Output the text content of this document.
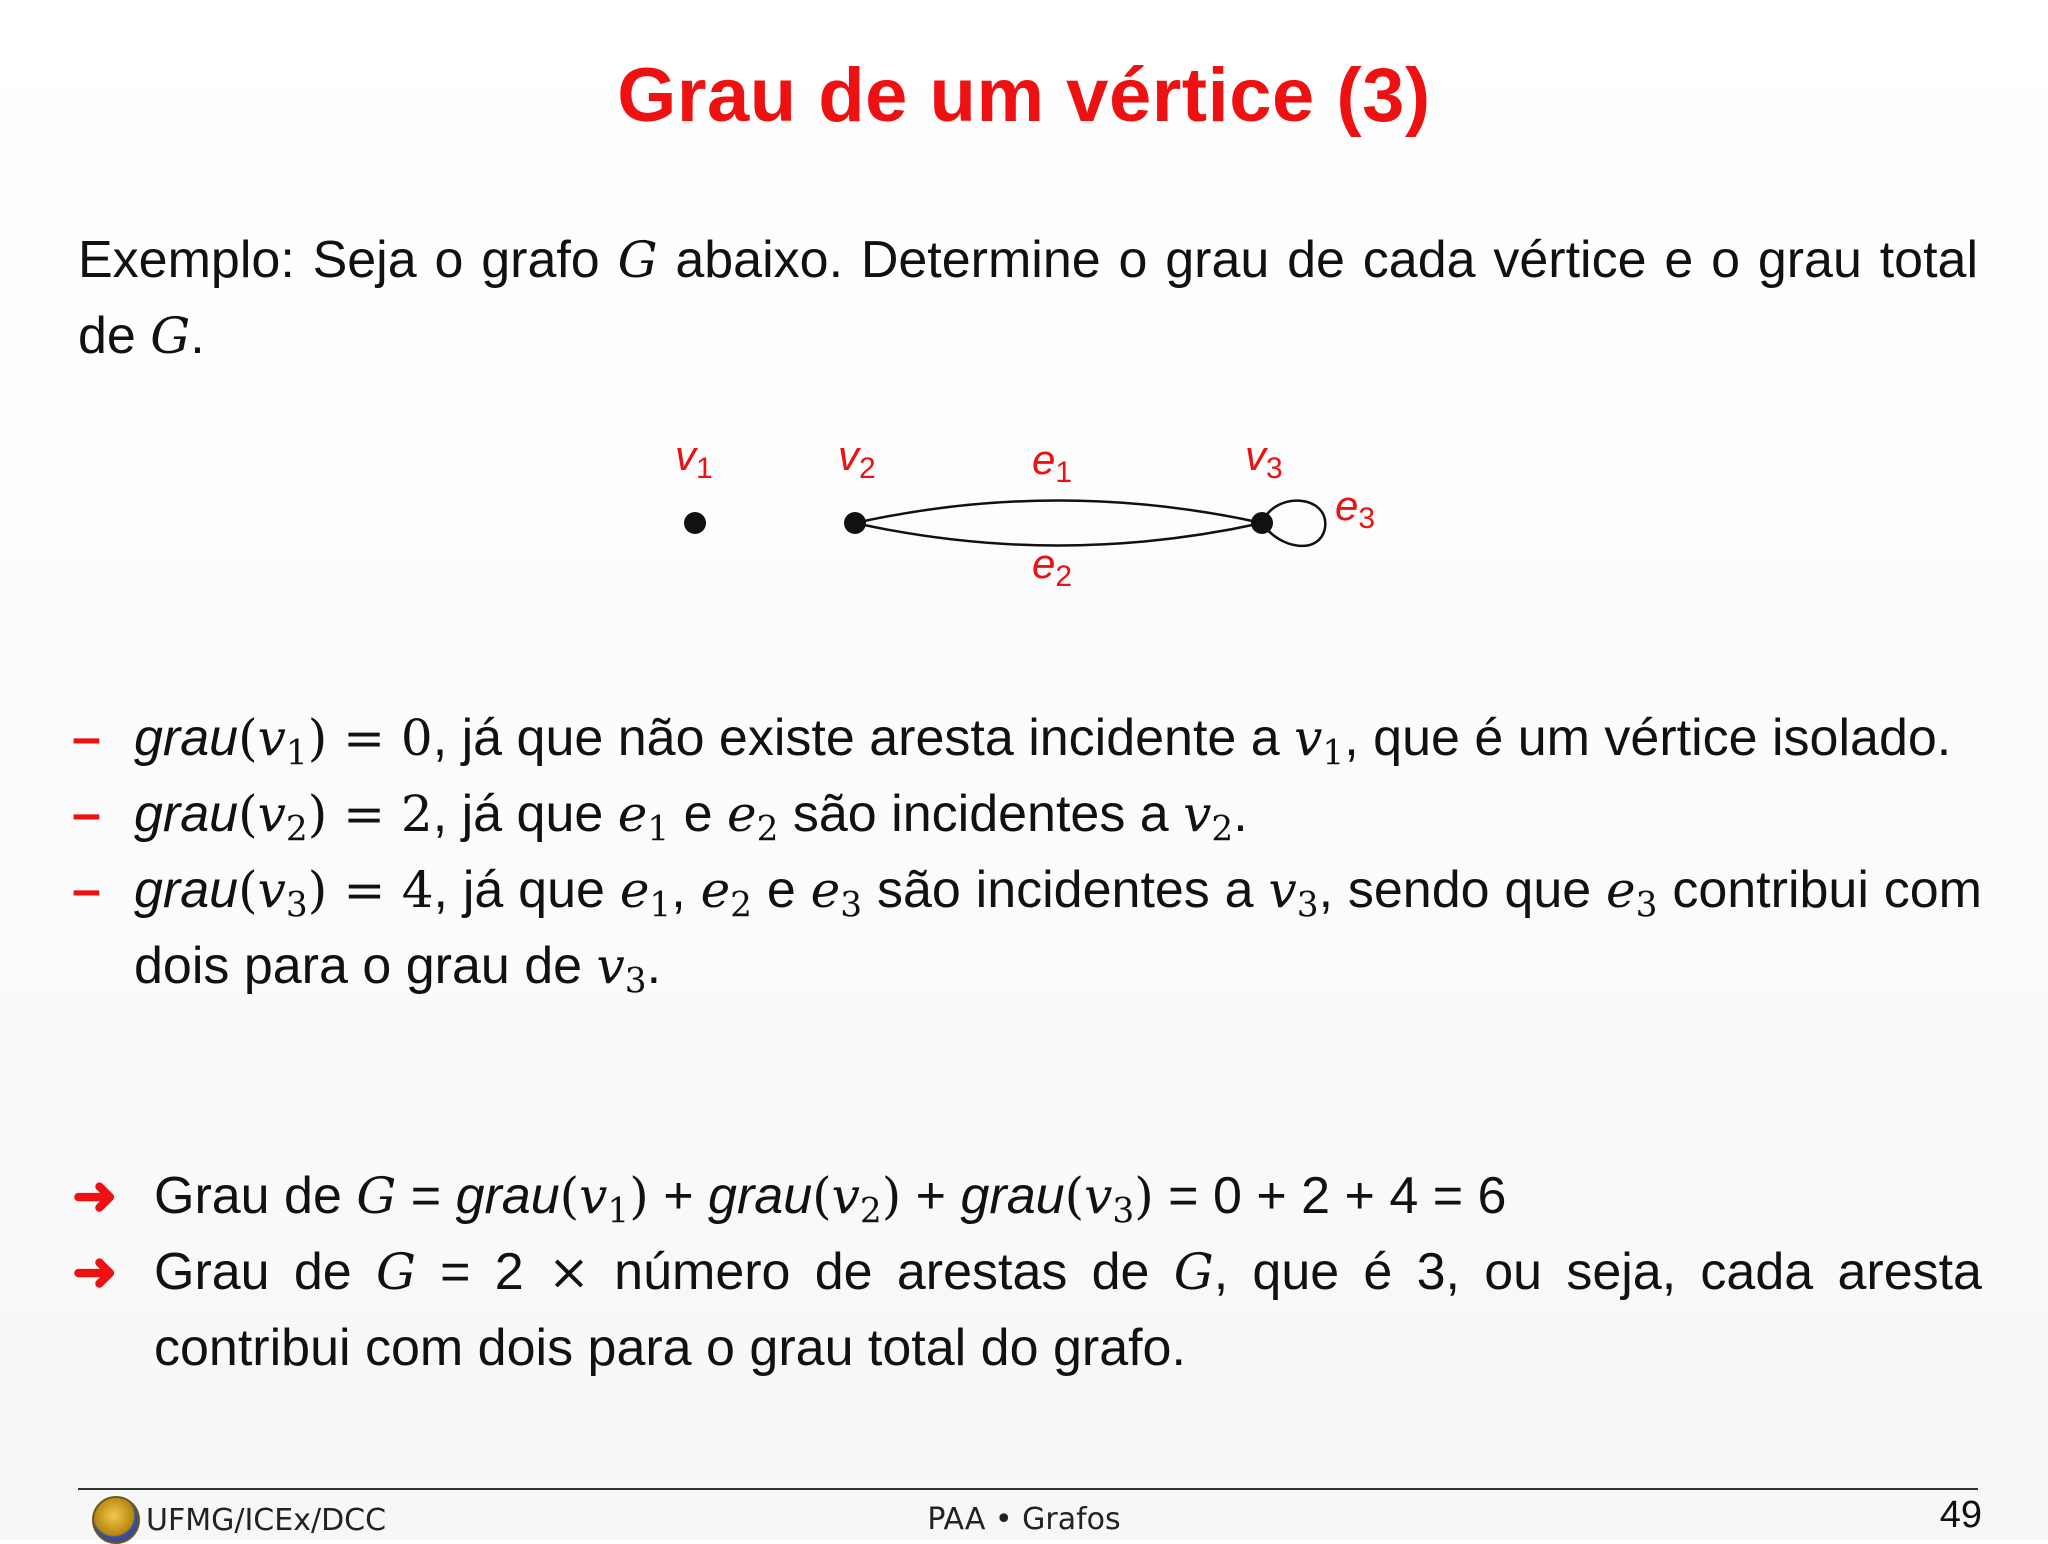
Grau de um vértice (3)
Exemplo: Seja o grafo G abaixo. Determine o grau de cada vértice e o grau total de G.
v1	v2	v3
e1
e2
e3
– $grau(v_1) = 0$, já que não existe aresta incidente a $v_1$, que é um vértice isolado.
– $grau(v_2) = 2$, já que $e_1$ e $e_2$ são incidentes a $v_2$.
– $grau(v_3) = 4$, já que $e_1$, $e_2$ e $e_3$ são incidentes a $v_3$, sendo que $e_3$ contribui com dois para o grau de $v_3$.
➜ Grau de $G = grau(v_1)$ + $grau(v_2)$ + $grau(v_3) = 0 + 2 + 4 = 6$
➜ Grau de G = 2 × número de arestas de G, que é 3, ou seja, cada aresta contribui com dois para o grau total do grafo.
UFMG/ICEx/DCC	PAA • Grafos	49
